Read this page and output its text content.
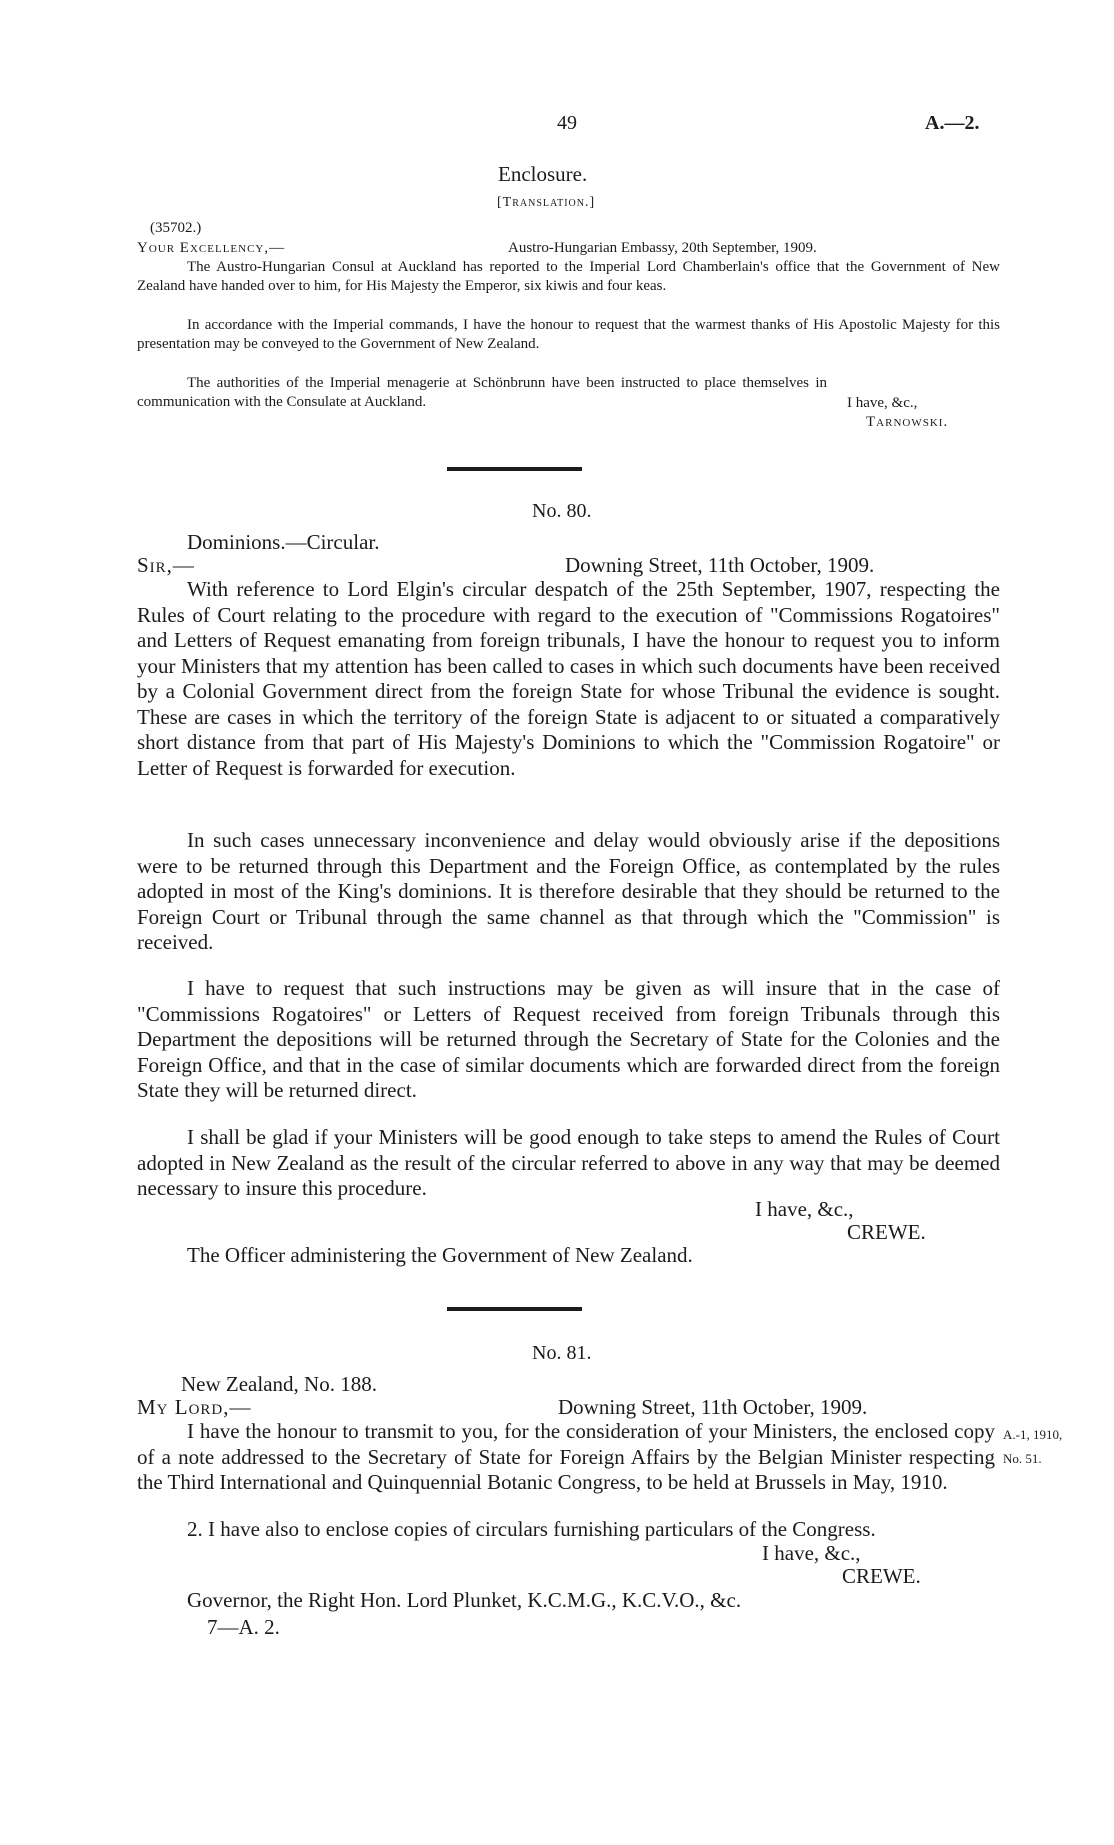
49	A.—2.
Enclosure.
[Translation.]
(35702.)
Your Excellency,—	Austro-Hungarian Embassy, 20th September, 1909.
The Austro-Hungarian Consul at Auckland has reported to the Imperial Lord Chamberlain's office that the Government of New Zealand have handed over to him, for His Majesty the Emperor, six kiwis and four keas.
In accordance with the Imperial commands, I have the honour to request that the warmest thanks of His Apostolic Majesty for this presentation may be conveyed to the Government of New Zealand.
The authorities of the Imperial menagerie at Schönbrunn have been instructed to place themselves in communication with the Consulate at Auckland.	I have, &c.,
Tarnowski.
No. 80.
Dominions.—Circular.
Sir,—	Downing Street, 11th October, 1909.
With reference to Lord Elgin's circular despatch of the 25th September, 1907, respecting the Rules of Court relating to the procedure with regard to the execution of "Commissions Rogatoires" and Letters of Request emanating from foreign tribunals, I have the honour to request you to inform your Ministers that my attention has been called to cases in which such documents have been received by a Colonial Government direct from the foreign State for whose Tribunal the evidence is sought. These are cases in which the territory of the foreign State is adjacent to or situated a comparatively short distance from that part of His Majesty's Dominions to which the "Commission Rogatoire" or Letter of Request is forwarded for execution.
In such cases unnecessary inconvenience and delay would obviously arise if the depositions were to be returned through this Department and the Foreign Office, as contemplated by the rules adopted in most of the King's dominions. It is therefore desirable that they should be returned to the Foreign Court or Tribunal through the same channel as that through which the "Commission" is received.
I have to request that such instructions may be given as will insure that in the case of "Commissions Rogatoires" or Letters of Request received from foreign Tribunals through this Department the depositions will be returned through the Secretary of State for the Colonies and the Foreign Office, and that in the case of similar documents which are forwarded direct from the foreign State they will be returned direct.
I shall be glad if your Ministers will be good enough to take steps to amend the Rules of Court adopted in New Zealand as the result of the circular referred to above in any way that may be deemed necessary to insure this procedure.
I have, &c.,
CREWE.
The Officer administering the Government of New Zealand.
No. 81.
New Zealand, No. 188.
My Lord,—	Downing Street, 11th October, 1909.
I have the honour to transmit to you, for the consideration of your Ministers, the enclosed copy of a note addressed to the Secretary of State for Foreign Affairs by the Belgian Minister respecting the Third International and Quinquennial Botanic Congress, to be held at Brussels in May, 1910.
2. I have also to enclose copies of circulars furnishing particulars of the Congress.
A.-1, 1910,
No. 51.
I have, &c.,
CREWE.
Governor, the Right Hon. Lord Plunket, K.C.M.G., K.C.V.O., &c.
7—A. 2.
